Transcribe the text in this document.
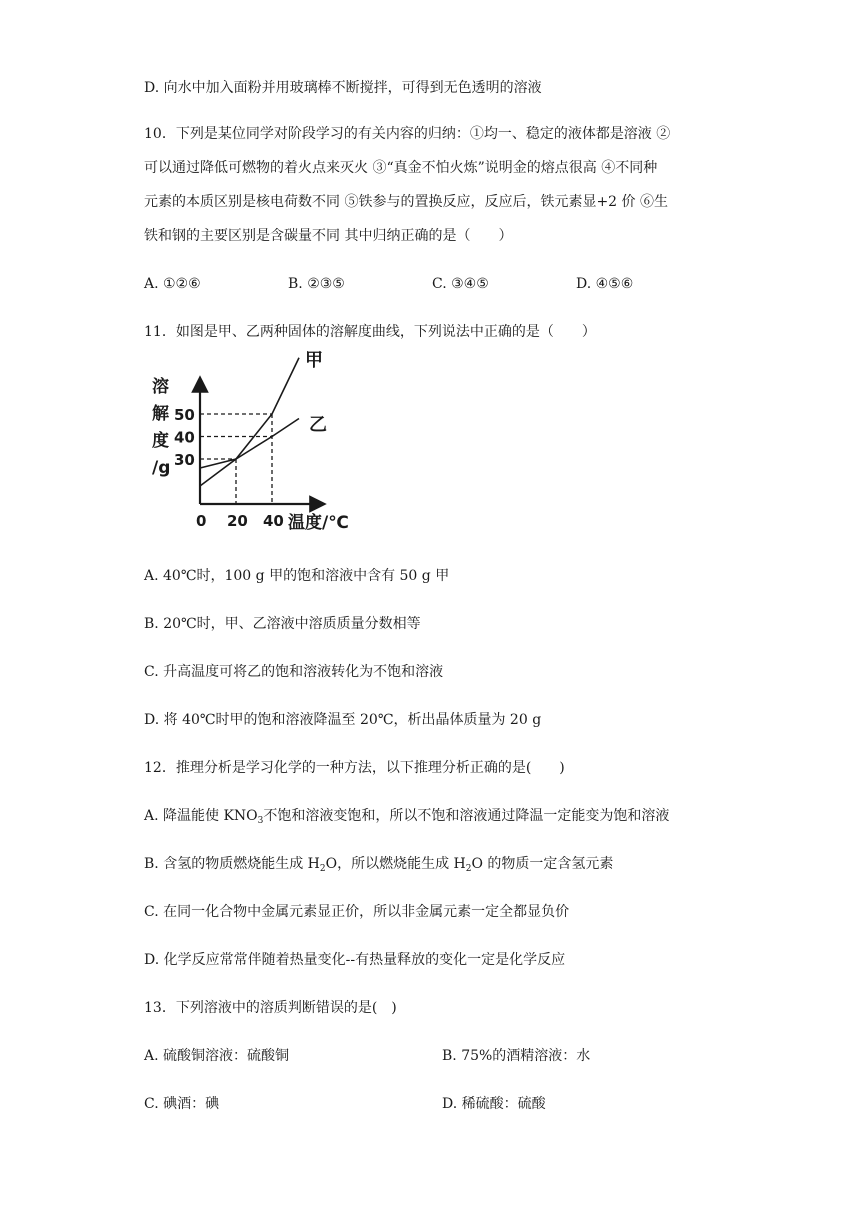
D. 向水中加入面粉并用玻璃棒不断搅拌，可得到无色透明的溶液
10．下列是某位同学对阶段学习的有关内容的归纳：①均一、稳定的液体都是溶液 ②
可以通过降低可燃物的着火点来灭火 ③“真金不怕火炼”说明金的熔点很高 ④不同种
元素的本质区别是核电荷数不同 ⑤铁参与的置换反应，反应后，铁元素显+2 价 ⑥生
铁和钢的主要区别是含碳量不同 其中归纳正确的是（　　）
A. ①②⑥	B. ②③⑤	C. ③④⑤	D. ④⑤⑥
11．如图是甲、乙两种固体的溶解度曲线，下列说法中正确的是（　　）
甲
乙
溶
解
度
/g 30
40
50
0 20 40 温度/℃
A. 40℃时，100 g 甲的饱和溶液中含有 50 g 甲
B. 20℃时，甲、乙溶液中溶质质量分数相等
C. 升高温度可将乙的饱和溶液转化为不饱和溶液
D. 将 40℃时甲的饱和溶液降温至 20℃，析出晶体质量为 20 g
12．推理分析是学习化学的一种方法，以下推理分析正确的是(　　)
A. 降温能使 $KNO_3$不饱和溶液变饱和，所以不饱和溶液通过降温一定能变为饱和溶液
B. 含氢的物质燃烧能生成 $H_2O$，所以燃烧能生成 $H_2O$ 的物质一定含氢元素
C. 在同一化合物中金属元素显正价，所以非金属元素一定全都显负价
D. 化学反应常常伴随着热量变化--有热量释放的变化一定是化学反应
13．下列溶液中的溶质判断错误的是(　)
A. 硫酸铜溶液：硫酸铜	B. 75%的酒精溶液：水
C. 碘酒：碘	D. 稀硫酸：硫酸
